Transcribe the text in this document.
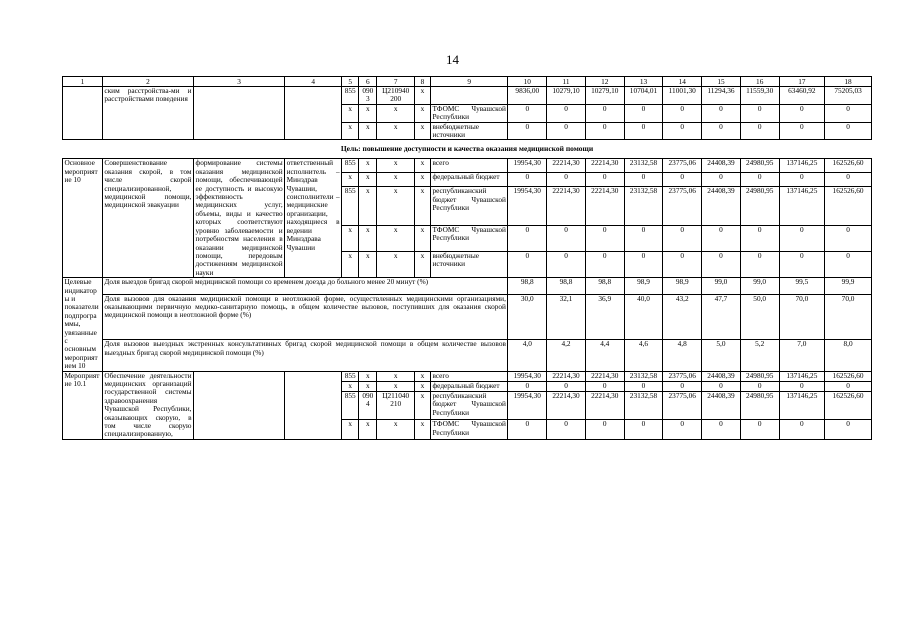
14
1	2	3	4	5	6	7	8	9	10	11	12	13	14	15	16	17	18
	ским расстройства-ми и расстройствами поведения			855	0903	Ц210940 200	x		9836,00	10279,10	10279,10	10704,01	11001,30	11294,36	11559,30	63460,92	75205,03
				x	x	x	x	ТФОМС Чувашской Республики	0	0	0	0	0	0	0	0	0
				x	x	x	x	внебюджетные источники	0	0	0	0	0	0	0	0	0
Цель: повышение доступности и качества оказания медицинской помощи																	
Основное мероприятие 10	Совершенствование оказания скорой, в том числе скорой специализированной, медицинской помощи, медицинской эвакуации	формирование системы оказания медицинской помощи, обеспечивающей ее доступность и высокую эффективность медицинских услуг, объемы, виды и качество которых соответствуют уровню заболеваемости и потребностям населения в оказании медицинской помощи, передовым достижениям медицинской науки	ответственный исполнитель – Минздрав Чувашии, соисполнители – медицинские организации, находящиеся в ведении Минздрава Чувашии	855	x	x	x	всего	19954,30	22214,30	22214,30	23132,58	23775,06	24408,39	24980,95	137146,25	162526,60
				x	x	x	x	федеральный бюджет	0	0	0	0	0	0	0	0	0
				855	x	x	x	республиканский бюджет Чувашской Республики	19954,30	22214,30	22214,30	23132,58	23775,06	24408,39	24980,95	137146,25	162526,60
				x	x	x	x	ТФОМС Чувашской Республики	0	0	0	0	0	0	0	0	0
				x	x	x	x	внебюджетные источники	0	0	0	0	0	0	0	0	0
Целевые индикаторы и показатели подпрограммы, увязанные с основным мероприятием 10	Доля выездов бригад скорой медицинской помощи со временем доезда до больного менее 20 минут (%)								98,8	98,8	98,8	98,9	98,9	99,0	99,0	99,5	99,9
	Доля вызовов для оказания медицинской помощи в неотложной форме, осуществленных медицинскими организациями, оказывающими первичную медико-санитарную помощь, в общем количестве вызовов, поступивших для оказания скорой медицинской помощи в неотложной форме (%)								30,0	32,1	36,9	40,0	43,2	47,7	50,0	70,0	70,0
	Доля вызовов выездных экстренных консультативных бригад скорой медицинской помощи в общем количестве вызовов выездных бригад скорой медицинской помощи (%)								4,0	4,2	4,4	4,6	4,8	5,0	5,2	7,0	8,0
Мероприятие 10.1	Обеспечение деятельности медицинских организаций государственной системы здравоохранения Чувашской Республики, оказывающих скорую, в том числе скорую специализированную,			855	x	x	x	всего	19954,30	22214,30	22214,30	23132,58	23775,06	24408,39	24980,95	137146,25	162526,60
				x	x	x	x	федеральный бюджет	0	0	0	0	0	0	0	0	0
				855	0904	Ц211040 210	x	республиканский бюджет Чувашской Республики	19954,30	22214,30	22214,30	23132,58	23775,06	24408,39	24980,95	137146,25	162526,60
				x	x	x	x	ТФОМС Чувашской Республики	0	0	0	0	0	0	0	0	0
